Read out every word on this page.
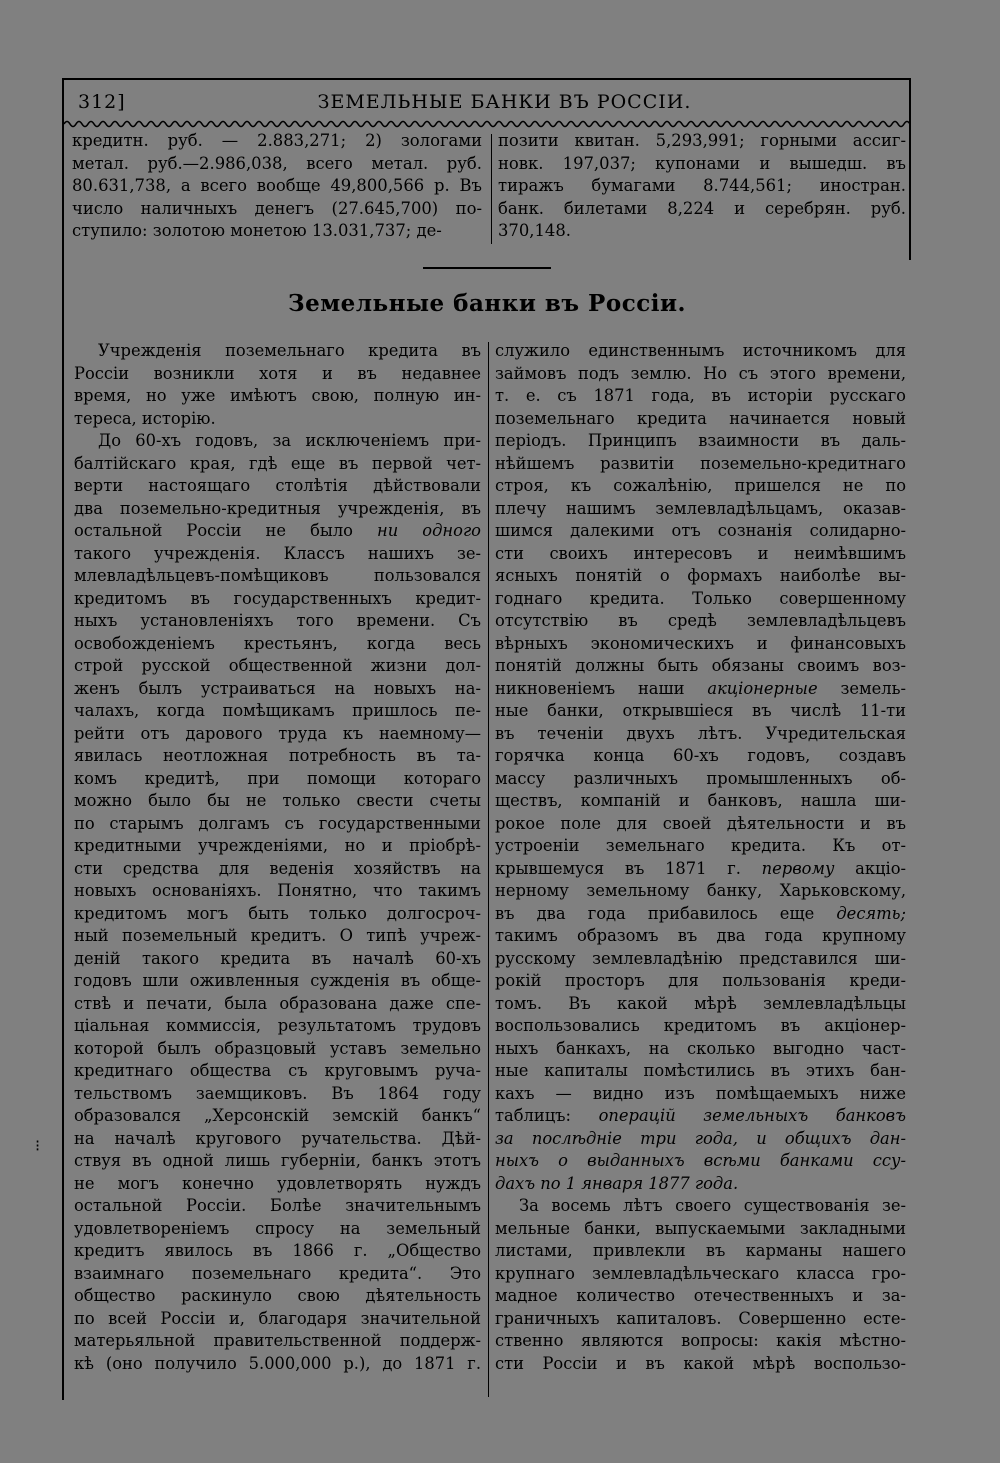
312]	ЗЕМЕЛЬНЫЕ БАНКИ ВЪ РОССІИ.
кредитн. руб. — 2.883,271; 2) зологами
метал. руб.—2.986,038, всего метал. руб.
80.631,738, а всего вообще 49,800,566 р. Въ
число наличныхъ денегъ (27.645,700) по-
ступило: золотою монетою 13.031,737; де-
позити квитан. 5,293,991; горными ассиг-
новк. 197,037; купонами и вышедш. въ
тиражъ бумагами 8.744,561; иностран.
банк. билетами 8,224 и серебрян. руб.
370,148.
Земельные банки въ Россіи.
Учрежденія поземельнаго кредита въ
Россіи возникли хотя и въ недавнее
время, но уже имѣютъ свою, полную ин-
тереса, исторію.
До 60-хъ годовъ, за исключеніемъ при-
балтійскаго края, гдѣ еще въ первой чет-
верти настоящаго столѣтія дѣйствовали
два поземельно-кредитныя учрежденія, въ
остальной Россіи не было ни одного
такого учрежденія. Классъ нашихъ зе-
млевладѣльцевъ-помѣщиковъ пользовался
кредитомъ въ государственныхъ кредит-
ныхъ установленіяхъ того времени. Съ
освобожденіемъ крестьянъ, когда весь
строй русской общественной жизни дол-
женъ былъ устраиваться на новыхъ на-
чалахъ, когда помѣщикамъ пришлось пе-
рейти отъ дарового труда къ наемному—
явилась неотложная потребность въ та-
комъ кредитѣ, при помощи котораго
можно было бы не только свести счеты
по старымъ долгамъ съ государственными
кредитными учрежденіями, но и пріобрѣ-
сти средства для веденія хозяйствъ на
новыхъ основаніяхъ. Понятно, что такимъ
кредитомъ могъ быть только долгосроч-
ный поземельный кредитъ. О типѣ учреж-
деній такого кредита въ началѣ 60-хъ
годовъ шли оживленныя сужденія въ обще-
ствѣ и печати, была образована даже спе-
ціальная коммиссія, результатомъ трудовъ
которой былъ образцовый уставъ земельно
кредитнаго общества съ круговымъ руча-
тельствомъ заемщиковъ. Въ 1864 году
образовался „Херсонскій земскій банкъ“
на началѣ кругового ручательства. Дѣй-
ствуя въ одной лишь губерніи, банкъ этотъ
не могъ конечно удовлетворять нуждъ
остальной Россіи. Болѣе значительнымъ
удовлетвореніемъ спросу на земельный
кредитъ явилось въ 1866 г. „Общество
взаимнаго поземельнаго кредита“. Это
общество раскинуло свою дѣятельность
по всей Россіи и, благодаря значительной
матерьяльной правительственной поддерж-
кѣ (оно получило 5.000,000 р.), до 1871 г.
служило единственнымъ источникомъ для
займовъ подъ землю. Но съ этого времени,
т. е. съ 1871 года, въ исторіи русскаго
поземельнаго кредита начинается новый
періодъ. Принципъ взаимности въ даль-
нѣйшемъ развитіи поземельно-кредитнаго
строя, къ сожалѣнію, пришелся не по
плечу нашимъ землевладѣльцамъ, оказав-
шимся далекими отъ сознанія солидарно-
сти своихъ интересовъ и неимѣвшимъ
ясныхъ понятій о формахъ наиболѣе вы-
годнаго кредита. Только совершенному
отсутствію въ средѣ землевладѣльцевъ
вѣрныхъ экономическихъ и финансовыхъ
понятій должны быть обязаны своимъ воз-
никновеніемъ наши акціонерные земель-
ные банки, открывшіеся въ числѣ 11-ти
въ теченіи двухъ лѣтъ. Учредительская
горячка конца 60-хъ годовъ, создавъ
массу различныхъ промышленныхъ об-
ществъ, компаній и банковъ, нашла ши-
рокое поле для своей дѣятельности и въ
устроеніи земельнаго кредита. Къ от-
крывшемуся въ 1871 г. первому акціо-
нерному земельному банку, Харьковскому,
въ два года прибавилось еще десять;
такимъ образомъ въ два года крупному
русскому землевладѣнію представился ши-
рокій просторъ для пользованія креди-
томъ. Въ какой мѣрѣ землевладѣльцы
воспользовались кредитомъ въ акціонер-
ныхъ банкахъ, на сколько выгодно част-
ные капиталы помѣстились въ этихъ бан-
кахъ — видно изъ помѣщаемыхъ ниже
таблицъ: операцій земельныхъ банковъ
за послѣдніе три года, и общихъ дан-
ныхъ о выданныхъ всѣми банками ссу-
дахъ по 1 января 1877 года.
За восемь лѣтъ своего существованія зе-
мельные банки, выпускаемыми закладными
листами, привлекли въ карманы нашего
крупнаго землевладѣльческаго класса гро-
мадное количество отечественныхъ и за-
граничныхъ капиталовъ. Совершенно есте-
ственно являются вопросы: какія мѣстно-
сти Россіи и въ какой мѣрѣ воспользо-
⁝
